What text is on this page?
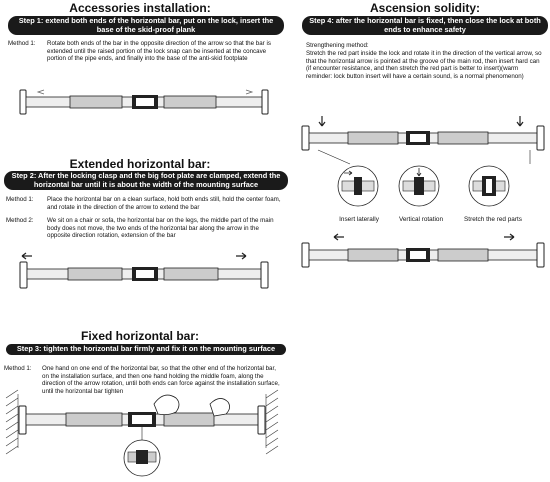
Accessories installation:
Step 1: extend both ends of the horizontal bar, put on the lock, insert the base of the skid-proof plank
Method 1: Rotate both ends of the bar in the opposite direction of the arrow so that the bar is extended until the raised portion of the lock snap can be inserted at the concave portion of the pipe ends, and finally into the base of the anti-skid footplate
Extended horizontal bar:
Step 2: After the locking clasp and the big foot plate are clamped, extend the horizontal bar until it is about the width of the mounting surface
Method 1: Place the horizontal bar on a clean surface, hold both ends still, hold the center foam, and rotate in the direction of the arrow to extend the bar
Method 2: We sit on a chair or sofa, the horizontal bar on the legs, the middle part of the main body does not move, the two ends of the horizontal bar along the arrow in the opposite direction rotation, extension of the bar
Fixed horizontal bar:
Step 3: tighten the horizontal bar firmly and fix it on the mounting surface
Method 1: One hand on one end of the horizontal bar, so that the other end of the horizontal bar, on the installation surface, and then one hand holding the middle foam, along the direction of the arrow rotation, until both ends can force against the installation surface, until the horizontal bar tighten
Ascension solidity:
Step 4: after the horizontal bar is fixed, then close the lock at both ends to enhance safety
Strengthening method:
Stretch the red part inside the lock and rotate it in the direction of the vertical arrow, so that the horizontal arrow is pointed at the groove of the main rod, then insert hard can (if encounter resistance, and then stretch the red part is better to insert)(warm reminder: lock button insert will have a certain sound, is a normal phenomenon)
Insert laterally	Vertical rotation	Stretch the red parts
